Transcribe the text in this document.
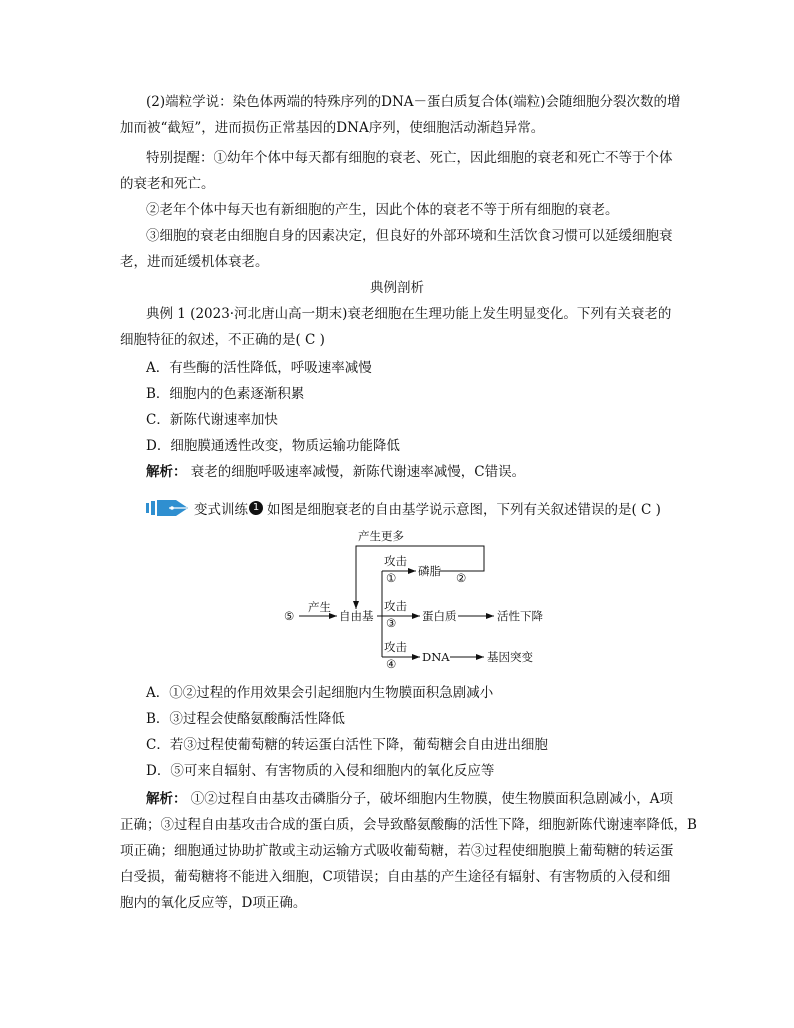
(2)端粒学说：染色体两端的特殊序列的DNA－蛋白质复合体(端粒)会随细胞分裂次数的增
加而被“截短”，进而损伤正常基因的DNA序列，使细胞活动渐趋异常。
特别提醒：①幼年个体中每天都有细胞的衰老、死亡，因此细胞的衰老和死亡不等于个体
的衰老和死亡。
②老年个体中每天也有新细胞的产生，因此个体的衰老不等于所有细胞的衰老。
③细胞的衰老由细胞自身的因素决定，但良好的外部环境和生活饮食习惯可以延缓细胞衰
老，进而延缓机体衰老。
典例剖析
典例 1 (2023·河北唐山高一期末)衰老细胞在生理功能上发生明显变化。下列有关衰老的
细胞特征的叙述，不正确的是( C )
A．有些酶的活性降低，呼吸速率减慢
B．细胞内的色素逐渐积累
C．新陈代谢速率加快
D．细胞膜通透性改变，物质运输功能降低
解析： 衰老的细胞呼吸速率减慢，新陈代谢速率减慢，C错误。
变式训练 1 如图是细胞衰老的自由基学说示意图，下列有关叙述错误的是( C )
产生更多
②
⑤
产生
自由基
攻击
① 磷脂
攻击
③ 蛋白质	活性下降
攻击
④ DNA	基因突变
A．①②过程的作用效果会引起细胞内生物膜面积急剧减小
B．③过程会使酪氨酸酶活性降低
C．若③过程使葡萄糖的转运蛋白活性下降，葡萄糖会自由进出细胞
D．⑤可来自辐射、有害物质的入侵和细胞内的氧化反应等
解析： ①②过程自由基攻击磷脂分子，破坏细胞内生物膜，使生物膜面积急剧减小，A项
正确；③过程自由基攻击合成的蛋白质，会导致酪氨酸酶的活性下降，细胞新陈代谢速率降低，B
项正确；细胞通过协助扩散或主动运输方式吸收葡萄糖，若③过程使细胞膜上葡萄糖的转运蛋
白受损，葡萄糖将不能进入细胞，C项错误；自由基的产生途径有辐射、有害物质的入侵和细
胞内的氧化反应等，D项正确。
